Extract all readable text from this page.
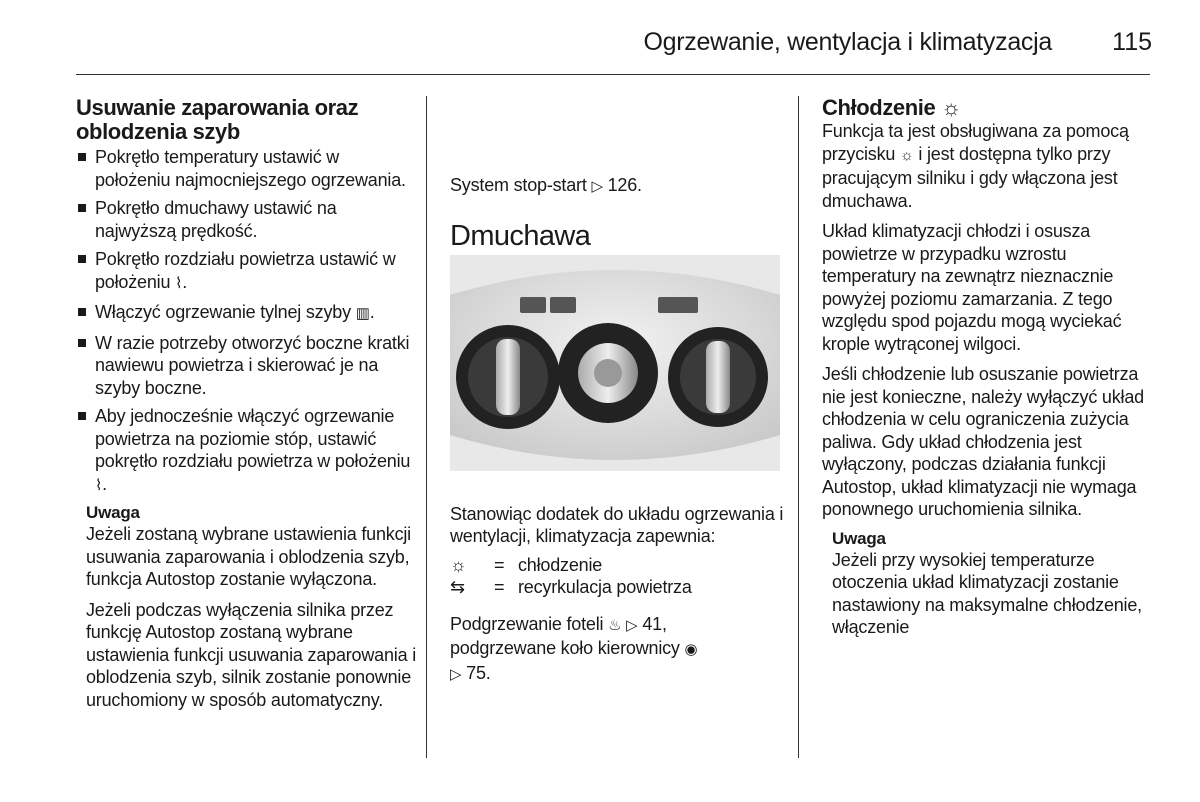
Ogrzewanie, wentylacja i klimatyzacja 115
Usuwanie zaparowania oraz oblodzenia szyb
Pokrętło temperatury ustawić w położeniu najmocniejszego ogrzewania.
Pokrętło dmuchawy ustawić na najwyższą prędkość.
Pokrętło rozdziału powietrza ustawić w położeniu ⌇.
Włączyć ogrzewanie tylnej szyby ▥.
W razie potrzeby otworzyć boczne kratki nawiewu powietrza i skierować je na szyby boczne.
Aby jednocześnie włączyć ogrzewanie powietrza na poziomie stóp, ustawić pokrętło rozdziału powietrza w położeniu ⌇.
Uwaga

Jeżeli zostaną wybrane ustawienia funkcji usuwania zaparowania i oblodzenia szyb, funkcja Autostop zostanie wyłączona.

Jeżeli podczas wyłączenia silnika przez funkcję Autostop zostaną wybrane ustawienia funkcji usuwania zaparowania i oblodzenia szyb, silnik zostanie ponownie uruchomiony w sposób automatyczny.

System stop-start ▷ 126.

Dmuchawa

Stanowiąc dodatek do układu ogrzewania i wentylacji, klimatyzacja zapewnia:

☼	= chłodzenie
⇆	= recyrkulacja powietrza

Podgrzewanie foteli ♨ ▷ 41,
podgrzewane koło kierownicy ◉
▷ 75.

Chłodzenie ☼

Funkcja ta jest obsługiwana za pomocą przycisku ☼ i jest dostępna tylko przy pracującym silniku i gdy włączona jest dmuchawa.

Układ klimatyzacji chłodzi i osusza powietrze w przypadku wzrostu temperatury na zewnątrz nieznacznie powyżej poziomu zamarzania. Z tego względu spod pojazdu mogą wyciekać krople wytrąconej wilgoci.

Jeśli chłodzenie lub osuszanie powietrza nie jest konieczne, należy wyłączyć układ chłodzenia w celu ograniczenia zużycia paliwa. Gdy układ chłodzenia jest wyłączony, podczas działania funkcji Autostop, układ klimatyzacji nie wymaga ponownego uruchomienia silnika.

Uwaga

Jeżeli przy wysokiej temperaturze otoczenia układ klimatyzacji zostanie nastawiony na maksymalne chłodzenie, włączenie
